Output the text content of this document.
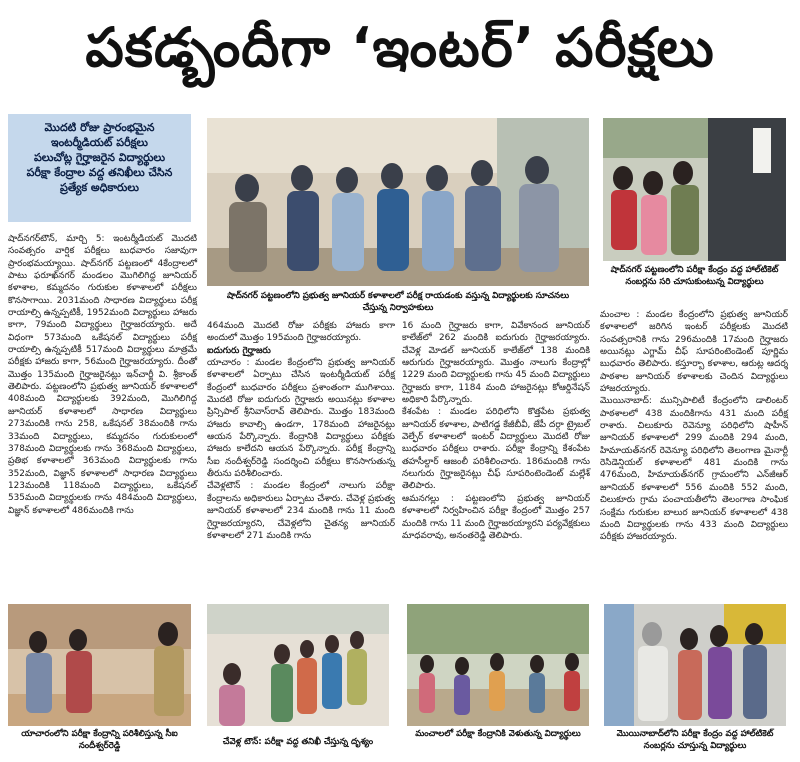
పకడ్బందీగా ‘ఇంటర్’ పరీక్షలు
మొదటి రోజు ప్రారంభమైన
ఇంటర్మీడియట్ పరీక్షలు
పలుచోట్ల గైర్హాజరైన విద్యార్థులు
పరీక్షా కేంద్రాల వద్ద తనిఖీలు చేసిన
ప్రత్యేక అధికారులు
షాద్‌నగర్ పట్టణంలోని ప్రభుత్వ జూనియర్ కళాశాలలో పరీక్ష రాయడంకు వస్తున్న విద్యార్థులకు సూచనలు చేస్తున్న నిర్వాహకులు
షాద్‌నగర్ పట్టణంలోని పరీక్షా కేంద్రం వద్ద హాల్‌టికెట్ నంబర్లను సరి చూసుకుంటున్న విద్యార్థులు

షాద్‌నగర్‌టౌన్, మార్చి 5: ఇంటర్మీడియట్ మొదటి సంవత్సరం వార్షిక పరీక్షలు బుధవారం సజావుగా ప్రారంభమయ్యాయి. షాద్‌నగర్ పట్టణంలో 4కేంద్రాలలో పాటు ఫరూఖ్‌నగర్ మండలం మొగిలిగిద్ద జూనియర్ కళాశాల, కమ్మదనం గురుకుల కళాశాలలో పరీక్షలు కొనసాగాయి. 2031మంది సాధారణ విద్యార్థులు పరీక్ష రాయాల్సి ఉన్నప్పటికీ, 1952మంది విద్యార్థులు హాజరు కాగా, 79మంది విద్యార్థులు గైర్హాజరయ్యారు. అదే విధంగా 573మంది ఒకేషనల్ విద్యార్థులు పరీక్ష రాయాల్సి ఉన్నప్పటికీ 517మంది విద్యార్థులు మాత్రమే పరీక్షకు హాజరు కాగా, 56మంది గైర్హాజరయ్యారు. దీంతో మొత్తం 135మంది గైర్హాజరైనట్లు ఇన్‌చార్జీ వి. శ్రీకాంత్ తెలిపారు. పట్టణంలోని ప్రభుత్వ జూనియర్ కళాశాలలో 408మంది విద్యార్థులకు 392మంది, మొగిలిగిద్ద జూనియర్ కళాశాలలో సాధారణ విద్యార్థులు 273మందికి గాను 258, ఒకేషనల్ 38మందికి గాను 33మంది విద్యార్థులు, కమ్మదనం గురుకులంలో 378మంది విద్యార్థులకు గాను 368మంది విద్యార్థులు, ప్రతిభ కళాశాలలో 363మంది విద్యార్థులకు గాను 352మంది, విజ్ఞాన్ కళాశాలలో సాధారణ విద్యార్థులు 123మందికి 118మంది విద్యార్థులు, ఒకేషనల్ 535మంది విద్యార్థులకు గాను 484మంది విద్యార్థులు, విజ్ఞాన్ కళాశాలలో 486మందికి గాను

464మంది మొదటి రోజు పరీక్షకు హాజరు కాగా అందులో మొత్తం 195మంది గైర్హాజరయ్యారు.

ఐదుగురు గైర్హాజరు

యాచారం : మండల కేంద్రంలోని ప్రభుత్వ జూనియర్ కళాశాలలో ఏర్పాటు చేసిన ఇంటర్మీడియట్ పరీక్ష కేంద్రంలో బుధవారం పరీక్షలు ప్రశాంతంగా ముగిశాయి. మొదటి రోజు ఐదుగురు గైర్హాజరు అయినట్లు కళాశాల ప్రిన్సిపాల్ శ్రీనివాస్‌రావ్ తెలిపారు. మొత్తం 183మంది హాజరు కావాల్సి ఉండగా, 178మంది హాజరైనట్లు ఆయన పేర్కొన్నారు. కేంద్రానికి విద్యార్థులు పరీక్షకు హాజరు కాలేదని ఆయన పేర్కొన్నారు. పరీక్ష కేంద్రాన్ని సీఐ నందీశ్వర్‌రెడ్డి సందర్శించి పరీక్షలు కొనసాగుతున్న తీరును పరిశీలించారు.

చేవెళ్లటౌన్ : మండల కేంద్రంలో నాలుగు పరీక్షా కేంద్రాలను అధికారులు ఏర్పాటు చేశారు. చేవెళ్ల ప్రభుత్వ జూనియర్ కళాశాలలో 234 మందికి గాను 11 మంది గైర్హాజరయ్యారని, చేవెళ్లలోని చైతన్య జూనియర్ కళాశాలలో 271 మందికి గాను

16 మంది గైర్హాజరు కాగా, వివేకానంద జూనియర్ కాలేజ్‌లో 262 మందికి ఐదుగురు గైర్హాజరయ్యారు. చేవెళ్ల మోడల్ జూనియర్ కాలేజ్‌లో 138 మందికి ఆరుగురు గైర్హాజరయ్యారు. మొత్తం నాలుగు కేంద్రాల్లో 1229 మంది విద్యార్థులకు గాను 45 మంది విద్యార్థులు గైర్హాజరు కాగా, 1184 మంది హాజరైనట్లు కోఆర్డినేషన్ అధికారి పేర్కొన్నారు.

కేశంపేట : మండల పరిధిలోని కొత్తపేట ప్రభుత్వ జూనియర్ కళాశాల, పాటిగడ్డ కేజీబీవీ, జేపీ దర్గా ట్రైబల్ వెల్ఫేర్ కళాశాలలో ఇంటర్ విద్యార్థులు మొదటి రోజు బుధవారం పరీక్షలు రాశారు. పరీక్షా కేంద్రాన్ని కేశంపేట తహసీల్దార్ ఆజంలీ పరిశీలించారు. 186మందికి గాను నలుగురు గైర్హాజరైనట్లు చీఫ్ సూపరింటెండెంట్ మల్లేశ్ తెలిపారు.

ఆమనగల్లు : పట్టణంలోని ప్రభుత్వ జూనియర్ కళాశాలలో నిర్వహించిన పరీక్షా కేంద్రంలో మొత్తం 257 మందికి గాను 11 మంది గైర్హాజరయ్యారని పర్యవేక్షకులు మాధవరావు, అనంతరెడ్డి తెలిపారు.

మంచాల : మండల కేంద్రంలోని ప్రభుత్వ జూనియర్ కళాశాలలో జరిగిన ఇంటర్ పరీక్షలకు మొదటి సంవత్సరానికి గాను 296మందికి 17మంది గైర్హాజరు అయినట్లు ఎగ్జామ్ చీఫ్ సూపరింటెండెంట్ పూర్ణిమ బుధవారం తెలిపారు. కస్తూర్బా కళాశాల, ఆరుట్ల ఆదర్శ పాఠశాల జూనియర్ కళాశాలకు చెందిన విద్యార్థులు హాజరయ్యారు.

మొయినాబాద్: మున్సిపాలిటీ కేంద్రంలోని డాలింటర్ పాఠశాలలో 438 మందికిగాను 431 మంది పరీక్ష రాశారు. చిలుకూరు రెవెన్యూ పరిధిలోని షాహీన్ జూనియర్ కళాశాలలో 299 మందికి 294 మంది, హిమాయత్‌నగర్ రెవెన్యూ పరిధిలోని తెలంగాణ మైనార్టీ రెసిడెన్షియల్ కళాశాలలో 481 మందికి గాను 476మంది, హిమాయత్‌నగర్ గ్రామంలోని ఎన్‌జీఆర్ జూనియర్ కళాశాలలో 556 మందికి 552 మంది, చిలుకూరు గ్రామ పంచాయతీలోని తెలంగాణ సాంఘిక సంక్షేమ గురుకుల బాలుర జూనియర్ కళాశాలలో 438 మంది విద్యార్థులకు గాను 433 మంది విద్యార్థులు పరీక్షకు హాజరయ్యారు.

యాచారంలోని పరీక్షా కేంద్రాన్ని పరిశీలిస్తున్న సీఐ నందీశ్వర్‌రెడ్డి	చేవెళ్ల టౌన్: పరీక్షా వద్ద తనిఖీ చేస్తున్న దృశ్యం
మంచాలలో పరీక్షా కేంద్రానికి వెళుతున్న విద్యార్థులు	మొయినాబాద్‌లోని పరీక్షా కేంద్రం వద్ద హాల్‌టికెట్ నంబర్లను చూస్తున్న విద్యార్థులు
